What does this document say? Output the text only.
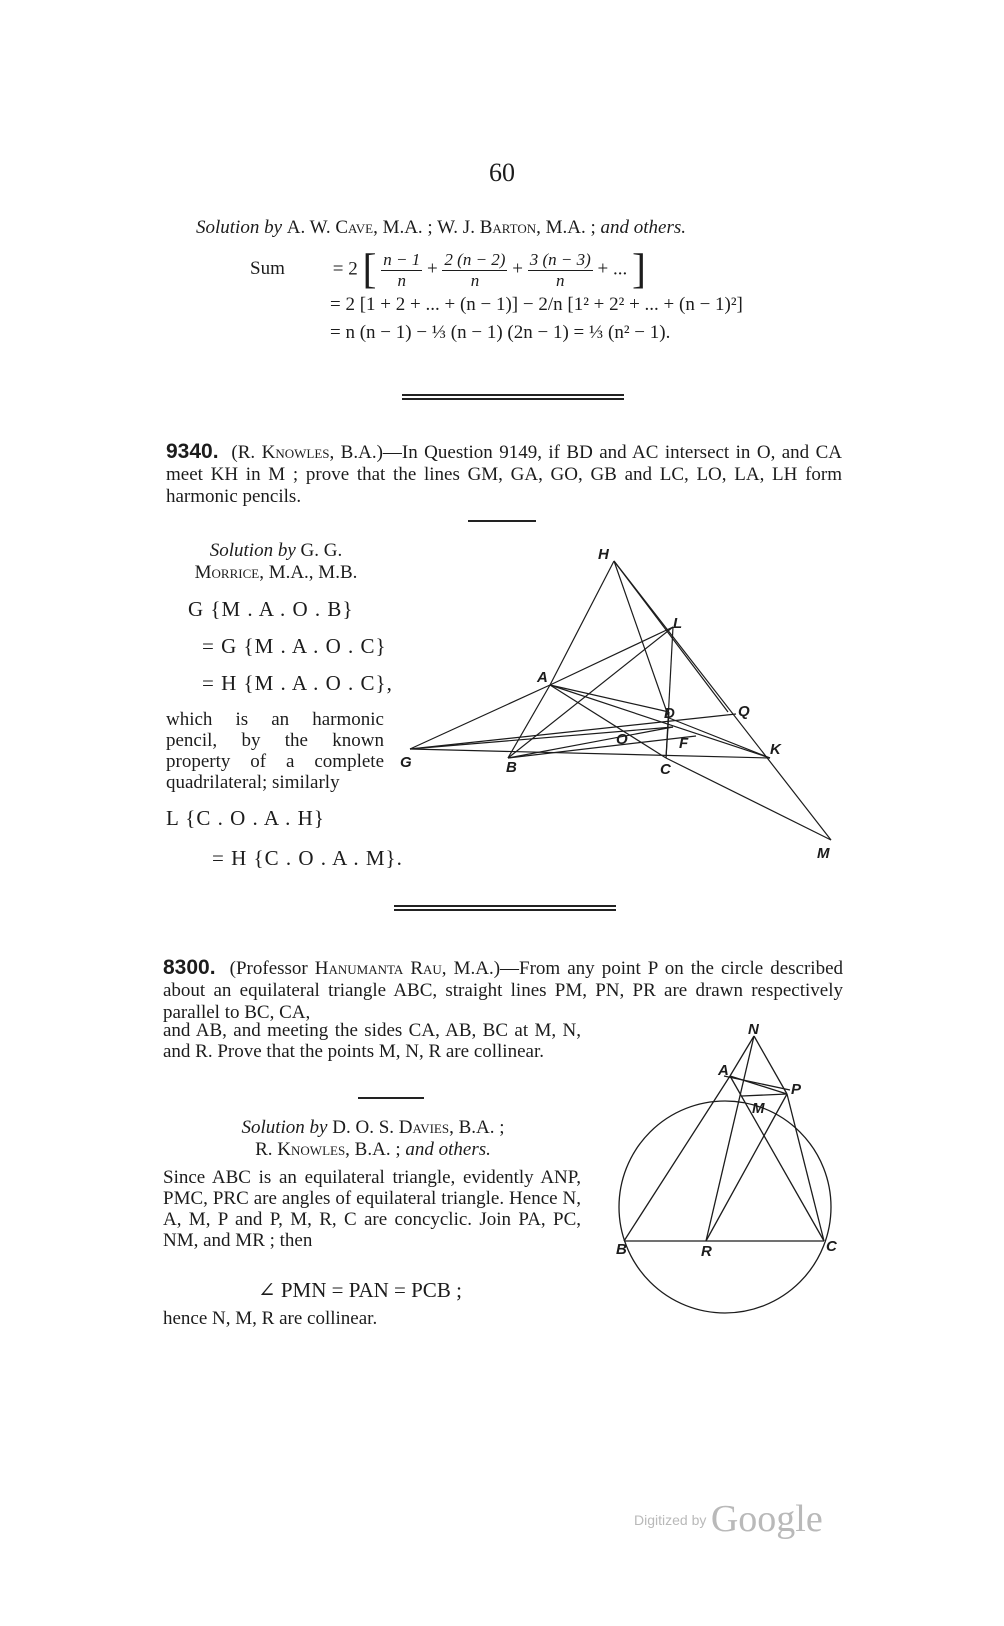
60
Solution by A. W. Cave, M.A. ; W. J. Barton, M.A. ; and others.
Sum	= 2 [ $\frac{n - 1}{n} + \frac{2 (n - 2)}{n} + \frac{3 (n - 3)}{n}$ + ... ]
= 2 [1 + 2 + ... + (n − 1)] − 2/n [1² + 2² + ... + (n − 1)²]
= n (n − 1) − ⅓ (n − 1) (2n − 1) = ⅓ (n² − 1).
9340. (R. Knowles, B.A.)—In Question 9149, if BD and AC intersect in O, and CA meet KH in M ; prove that the lines GM, GA, GO, GB and LC, LO, LA, LH form harmonic pencils.
Solution by G. G.
Morrice, M.A., M.B.
G {M . A . O . B}
= G {M . A . O . C}
= H {M . A . O . C},
which is an harmonic pencil, by the known property of a complete quadrilateral; similarly
L {C . O . A . H}
= H {C . O . A . M}.
H
L
A
Q
D
O	F	K
G	B	C
M
8300. (Professor Hanumanta Rau, M.A.)—From any point P on the circle described about an equilateral triangle ABC, straight lines PM, PN, PR are drawn respectively parallel to BC, CA,
and AB, and meeting the sides CA, AB, BC at M, N, and R. Prove that the points M, N, R are collinear.
Solution by D. O. S. Davies, B.A. ;
R. Knowles, B.A. ; and others.
Since ABC is an equilateral triangle, evidently ANP, PMC, PRC are angles of equilateral triangle. Hence N, A, M, P and P, M, R, C are concyclic. Join PA, PC, NM, and MR ; then
∠ PMN = PAN = PCB ;
hence N, M, R are collinear.
N
A
P
M
B	R	C
Digitized by Google
